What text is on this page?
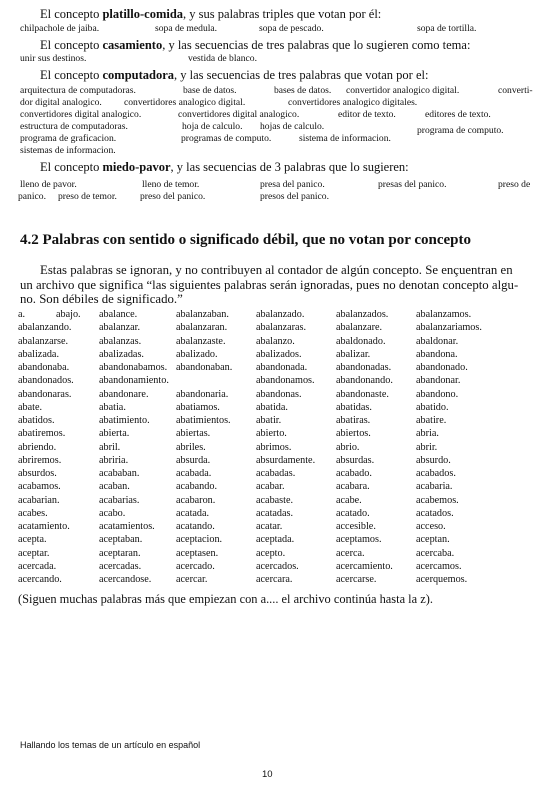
El concepto platillo-comida, y sus palabras triples que votan por él:
chilpachole de jaiba.	sopa de medula.	sopa de pescado.	sopa de tortilla.
El concepto casamiento, y las secuencias de tres palabras que lo sugieren como tema:
unir sus destinos.	vestida de blanco.
El concepto computadora, y las secuencias de tres palabras que votan por el:
arquitectura de computadoras.	base de datos.	bases de datos. convertidor analogico digital.	converti-
dor digital analogico. convertidores analogico digital.	convertidores analogico digitales.
convertidores digital analogico.	convertidores digital analogico.	editor de texto.	editores de texto.
estructura de computadoras.	hoja de calculo. hojas de calculo.	programa de computo.
programa de graficacion.	programas de computo.	sistema de informacion.
sistemas de informacion.
El concepto miedo-pavor, y las secuencias de 3 palabras que lo sugieren:
lleno de pavor.	lleno de temor.	presa del panico.	presas del panico.	preso de
panico. preso de temor. preso del panico.	presos del panico.
4.2 Palabras con sentido o significado débil, que no votan por concepto
Estas palabras se ignoran, y no contribuyen al contador de algún concepto. Se ençuentran en
un archivo que significa “las siguientes palabras serán ignoradas, pues no denotan concepto algu-
no. Son débiles de significado.”
a.	abajo. abalance.	abalanzaban.	abalanzado.	abalanzados.	abalanzamos.
abalanzando.	abalanzar.	abalanzaran.	abalanzaras.	abalanzare.	abalanzariamos.
abalanzarse.	abalanzas.	abalanzaste.	abalanzo.	abaldonado.	abaldonar.
abalizada.	abalizadas.	abalizado.	abalizados.	abalizar.	abandona.
abandonaba.	abandonabamos. abandonaban. abandonada.	abandonadas. abandonado.
abandonados. abandonamiento.	abandonamos. abandonando. abandonar.
abandonaras.	abandonare.	abandonaria.	abandonas.	abandonaste.	abandono.
abate.	abatia.	abatiamos.	abatida.	abatidas.	abatido.
abatidos.	abatimiento.	abatimientos. abatir.	abatiras.	abatire.
abatiremos.	abierta.	abiertas.	abierto.	abiertos.	abria.
abriendo.	abril.	abriles.	abrimos.	abrio.	abrir.
abriremos.	abriria.	absurda.	absurdamente. absurdas.	absurdo.
absurdos.	acababan.	acabada.	acabadas.	acabado.	acabados.
acabamos.	acaban.	acabando.	acabar.	acabara.	acabaria.
acabarian.	acabarias.	acabaron.	acabaste.	acabe.	acabemos.
acabes.	acabo.	acatada.	acatadas.	acatado.	acatados.
acatamiento.	acatamientos. acatando.	acatar.	accesible.	acceso.
acepta.	aceptaban.	aceptacion.	aceptada.	aceptamos.	aceptan.
aceptar.	aceptaran.	aceptasen.	acepto.	acerca.	acercaba.
acercada.	acercadas.	acercado.	acercados.	acercamiento. acercamos.
acercando.	acercandose. acercar.	acercara.	acercarse.	acerquemos.
(Siguen muchas palabras más que empiezan con a.... el archivo continúa hasta la z).
Hallando los temas de un artículo en español
10
